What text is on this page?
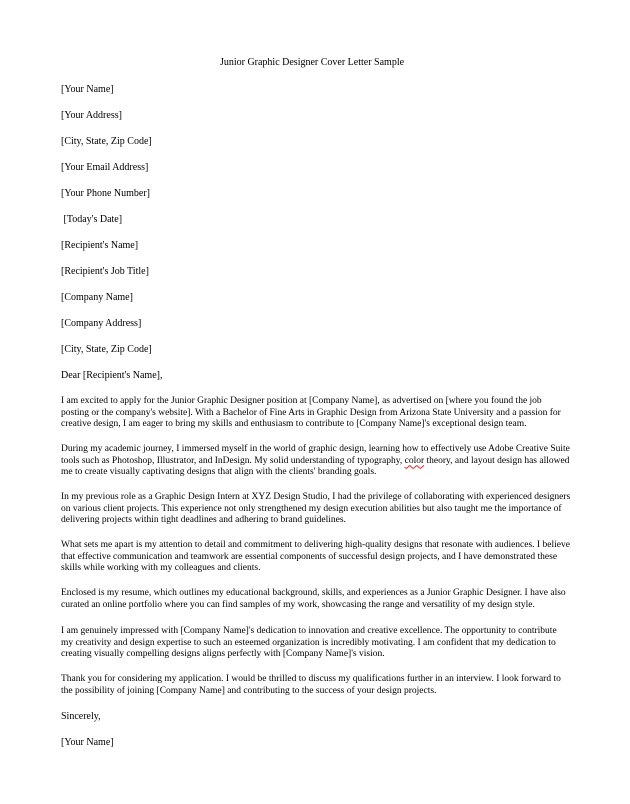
Junior Graphic Designer Cover Letter Sample
[Your Name]
[Your Address]
[City, State, Zip Code]
[Your Email Address]
[Your Phone Number]
[Today's Date]
[Recipient's Name]
[Recipient's Job Title]
[Company Name]
[Company Address]
[City, State, Zip Code]
Dear [Recipient's Name],
I am excited to apply for the Junior Graphic Designer position at [Company Name], as advertised on [where you found the job posting or the company's website]. With a Bachelor of Fine Arts in Graphic Design from Arizona State University and a passion for creative design, I am eager to bring my skills and enthusiasm to contribute to [Company Name]'s exceptional design team.
During my academic journey, I immersed myself in the world of graphic design, learning how to effectively use Adobe Creative Suite tools such as Photoshop, Illustrator, and InDesign. My solid understanding of typography, color theory, and layout design has allowed me to create visually captivating designs that align with the clients' branding goals.
In my previous role as a Graphic Design Intern at XYZ Design Studio, I had the privilege of collaborating with experienced designers on various client projects. This experience not only strengthened my design execution abilities but also taught me the importance of delivering projects within tight deadlines and adhering to brand guidelines.
What sets me apart is my attention to detail and commitment to delivering high-quality designs that resonate with audiences. I believe that effective communication and teamwork are essential components of successful design projects, and I have demonstrated these skills while working with my colleagues and clients.
Enclosed is my resume, which outlines my educational background, skills, and experiences as a Junior Graphic Designer. I have also curated an online portfolio where you can find samples of my work, showcasing the range and versatility of my design style.
I am genuinely impressed with [Company Name]'s dedication to innovation and creative excellence. The opportunity to contribute my creativity and design expertise to such an esteemed organization is incredibly motivating. I am confident that my dedication to creating visually compelling designs aligns perfectly with [Company Name]'s vision.
Thank you for considering my application. I would be thrilled to discuss my qualifications further in an interview. I look forward to the possibility of joining [Company Name] and contributing to the success of your design projects.
Sincerely,
[Your Name]
